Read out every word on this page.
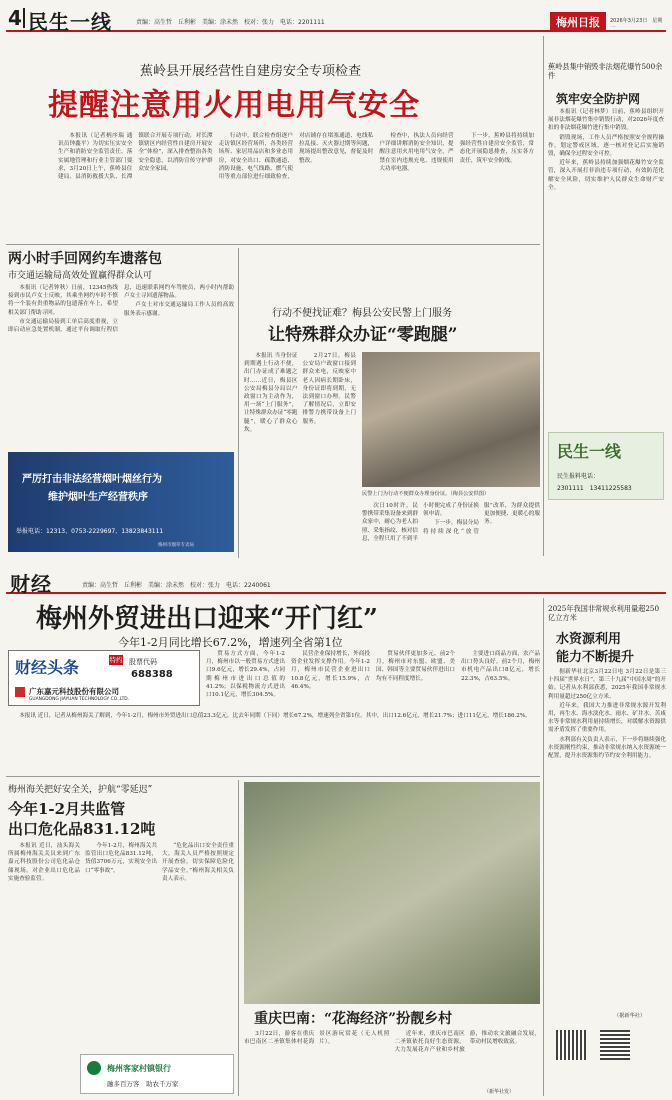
4 民生一线	责编：高生哲　丘利彬　美编：涂未然　校对：张力　电话：2201111	梅州日报	2026年3月23日　星期一
蕉岭县开展经营性自建房安全专项检查
提醒注意用火用电用气安全

本报讯（记者柄序瑞 通讯员钟鑫平）为切实压实安全生产和消防安全监管责任，落实属地管理和行业主管部门要求，3月20日上午，蕉岭县住建局、县消防救援大队、长潭镇联合开展专项行动，对长潭镇辖区内经营性自建房开展安全“体检”，深入排查整治各类安全隐患，以消防宣传守护群众安全家园。

行动中，联合检查组逐户走访镇区经营场所，各类经营场所、家居用品店和多业态用房，对安全出口、疏散通道、消防设施、电气线路、燃气使用等重点部位进行细致检查，对店铺存在堵塞通道、电线私拉乱接、灭火器过期等问题，现场提出整改意见，督促及时整改。

检查中，执法人员向经营户详细讲解消防安全知识，提醒注意用火用电用气安全，严禁在室内违规充电、违规使用大功率电器。

下一步，蕉岭县将持续加强经营性自建房安全监管，常态化开展隐患排查，压实各方责任，筑牢安全防线。

两小时手回网约车遗落包
市交通运输局高效处置赢得群众认可

本报讯（记者钟秋）日前，12345热线接到市民卢女士反映，其乘坐网约车时不慎将一个装有贵重物品的包遗落在车上，希望相关部门帮助寻回。

市交通运输局接到工单后高度重视，立即启动应急处置机制，通过平台调取行程信息，迅速联系网约车驾驶员，两小时内帮助卢女士寻回遗落物品。

卢女士对市交通运输局工作人员的高效服务表示感谢。

严厉打击非法经营烟叶烟丝行为
维护烟叶生产经营秩序
举报电话：12313、0753-2229697、13823843111
梅州市烟草专卖局
行动不便找证难？梅县公安民警上门服务
让特殊群众办证“零跑腿”

本报讯 当身份证到期遇上行动不便，出门办证成了难题之时……近日，梅县区公安局梅县分局以户政窗口为主动作为，用一场“上门服务”，让特殊群众办证“零跑腿”，暖心了群众心坎。

2月27日，梅县公安局户政窗口接到群众来电，反映家中老人因病长期卧床，身份证即将到期，无法到窗口办理。民警了解情况后，立即安排警力携带设备上门服务。

民警上门为行动不便群众办理身份证。（梅县公安供图）

次日10时许，民警携带采集设备来到群众家中，耐心为老人拍照、采集指纹、核对信息，全程只用了不到半小时便完成了身份证换领申请。

下一步，梅县分局将持续深化“放管服”改革，为群众提供更加便捷、更暖心的服务。

蕉岭县集中销毁非法烟花爆竹500余件
筑牢安全防护网

本报讯（记者林梦）日前，蕉岭县组织开展非法烟花爆竹集中销毁行动，对2026年度查扣的非法烟花爆竹进行集中销毁。

销毁现场，工作人员严格按照安全规程操作，划定警戒区域，逐一核对登记后实施销毁，确保全过程安全可控。

近年来，蕉岭县持续加强烟花爆竹安全监管，深入开展打非治违专项行动，有效防范化解安全风险，切实维护人民群众生命财产安全。

民生一线
民生报料电话：
2301111　13411225583
财经	责编：高生哲　丘利彬　美编：涂未然　校对：张力　电话：2240061
梅州外贸进出口迎来“开门红”
今年1-2月同比增长67.2%，增速列全省第1位
财经头条	特约 股票代码
688388
广东嘉元科技股份有限公司
GUANGDONG JIAYUAN TECHNOLOGY CO.,LTD.

本报讯 近日，记者从梅州海关了解到，今年1-2月，梅州市外贸进出口总值23.3亿元，比去年同期（下同）增长67.2%，增速列全省第1位。其中，出口12.6亿元，增长21.7%；进口11亿元，增长186.2%。

贸易方式方面，今年1-2月，梅州市以一般贸易方式进出口9.6亿元，增长29.4%，占同期梅州市进出口总值的41.2%；以保税物流方式进出口10.1亿元，增长304.5%。

民营企业保持增长，外商投资企业发挥支撑作用。今年1-2月，梅州市民营企业进出口10.8亿元，增长15.9%，占46.4%。

贸易伙伴更加多元。前2个月，梅州市对东盟、欧盟、美国、韩国等主要贸易伙伴进出口均有不同程度增长。

主要进口商品方面，农产品出口势头良好。前2个月，梅州市机电产品出口8亿元，增长22.3%，占63.5%。

梅州海关把好安全关，护航“零延迟”
今年1-2月共监管
出口危化品831.12吨

本报讯 近日，汕头海关所属梅州海关关员来到广东嘉元科技股份公司危化品仓储现场，对企业出口危化品实施查验监管。

今年1-2月，梅州海关共监管出口危化品831.12吨，货值3706万元，实现安全出口“零事故”。

“危化品出口安全责任重大，海关人员严格按照规定开展查验，切实保障危险化学品安全。”梅州海关相关负责人表示。

梅州客家村镇银行
融多百万客　助农千万家
重庆巴南：“花海经济”扮靓乡村

3月22日，游客在重庆市巴南区二圣镇集体村花海景区游玩赏花（无人机照片）。

近年来，重庆市巴南区二圣镇依托良好生态资源，大力发展花卉产业和乡村旅游，推动农文旅融合发展，带动村民增收致富。

（新华社发）
2025年我国非常规水利用量超250亿立方米
水资源利用
能力不断提升

据新华社北京3月22日电 3月22日是第三十四届“世界水日”，第三十九届“中国水周”的开始。记者从水利部获悉，2025年我国非常规水利用量超过250亿立方米。

近年来，我国大力推进非常规水源开发利用，再生水、海水淡化水、雨水、矿井水、苦咸水等非常规水利用量持续增长，对缓解水资源供需矛盾发挥了重要作用。

水利部有关负责人表示，下一步将继续强化水资源刚性约束，推动非常规水纳入水资源统一配置，提升水资源集约节约安全利用能力。

（据新华社）
